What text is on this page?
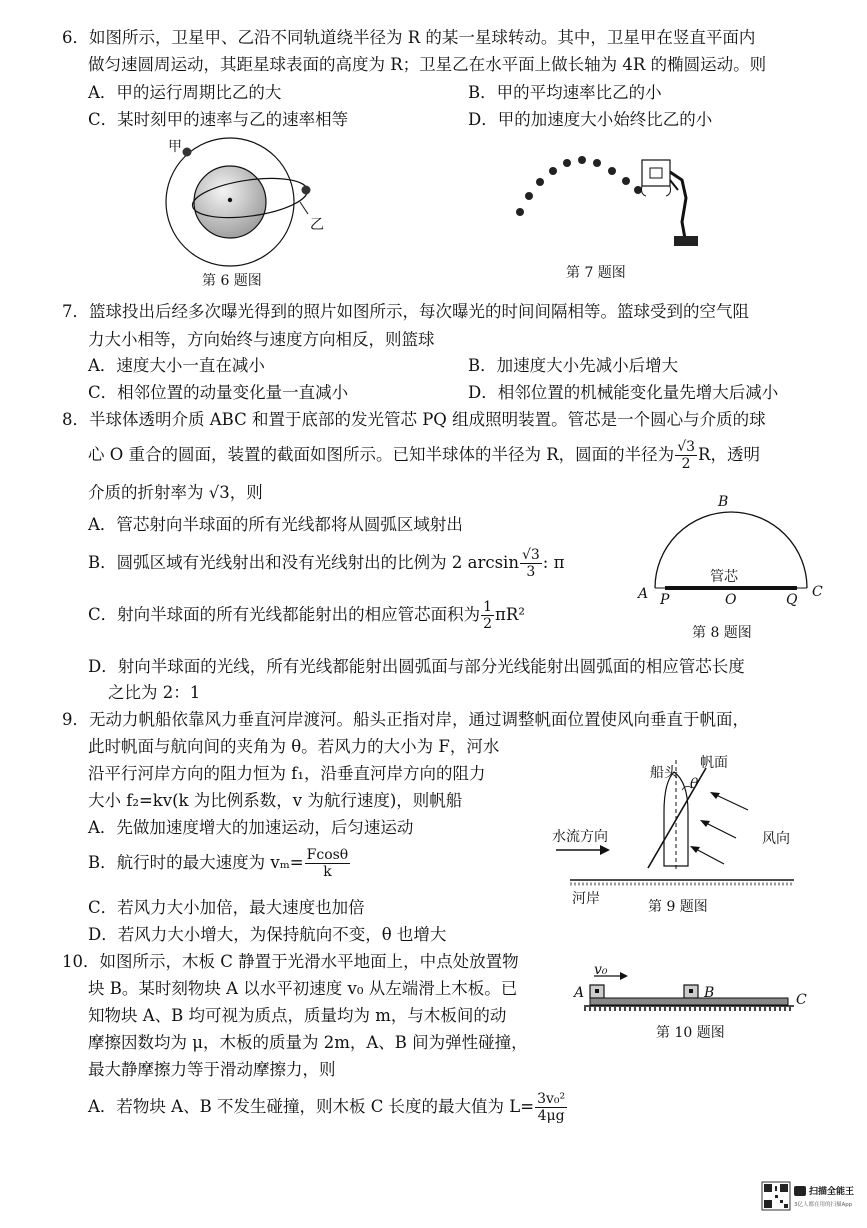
6．如图所示，卫星甲、乙沿不同轨道绕半径为 R 的某一星球转动。其中，卫星甲在竖直平面内
做匀速圆周运动，其距星球表面的高度为 R；卫星乙在水平面上做长轴为 4R 的椭圆运动。则
A．甲的运行周期比乙的大	B．甲的平均速率比乙的小
C．某时刻甲的速率与乙的速率相等	D．甲的加速度大小始终比乙的小
甲
乙
第 6 题图	第 7 题图
7．篮球投出后经多次曝光得到的照片如图所示，每次曝光的时间间隔相等。篮球受到的空气阻
力大小相等，方向始终与速度方向相反，则篮球
A．速度大小一直在减小	B．加速度大小先减小后增大
C．相邻位置的动量变化量一直减小	D．相邻位置的机械能变化量先增大后减小
8．半球体透明介质 ABC 和置于底部的发光管芯 PQ 组成照明装置。管芯是一个圆心与介质的球
心 O 重合的圆面，装置的截面如图所示。已知半球体的半径为 R，圆面的半径为 $\frac{√3}{2}$ R，透明
介质的折射率为 √3，则
A．管芯射向半球面的所有光线都将从圆弧区域射出
B．圆弧区域有光线射出和没有光线射出的比例为 2 $\arcsin \frac{√3}{3}$ : π
C．射向半球面的所有光线都能射出的相应管芯面积为 $\frac{1}{2} \pi R^2$
D．射向半球面的光线，所有光线都能射出圆弧面与部分光线能射出圆弧面的相应管芯长度
之比为 2：1
B
管芯
A P	O	Q C
第 8 题图
9．无动力帆船依靠风力垂直河岸渡河。船头正指对岸，通过调整帆面位置使风向垂直于帆面，
此时帆面与航向间的夹角为 θ。若风力的大小为 F，河水
沿平行河岸方向的阻力恒为 f₁，沿垂直河岸方向的阻力
大小 f₂=kv(k 为比例系数，v 为航行速度)，则帆船
A．先做加速度增大的加速运动，后匀速运动
B．航行时的最大速度为 $v_m= \frac{Fcos\theta}{k}$
C．若风力大小加倍，最大速度也加倍
D．若风力大小增大，为保持航向不变，θ 也增大
船头
帆面
θ
水流方向	风向
河岸	第 9 题图
10．如图所示，木板 C 静置于光滑水平地面上，中点处放置物
块 B。某时刻物块 A 以水平初速度 v₀ 从左端滑上木板。已
知物块 A、B 均可视为质点，质量均为 m，与木板间的动
摩擦因数均为 μ，木板的质量为 2m，A、B 间为弹性碰撞，
最大静摩擦力等于滑动摩擦力，则
A．若物块 A、B 不发生碰撞，则木板 C 长度的最大值为 $L= \frac{\text{3v₀²}}{4\mu g}$
v₀
A	B	C
第 10 题图
扫描全能王
3亿人都在用的扫描App
